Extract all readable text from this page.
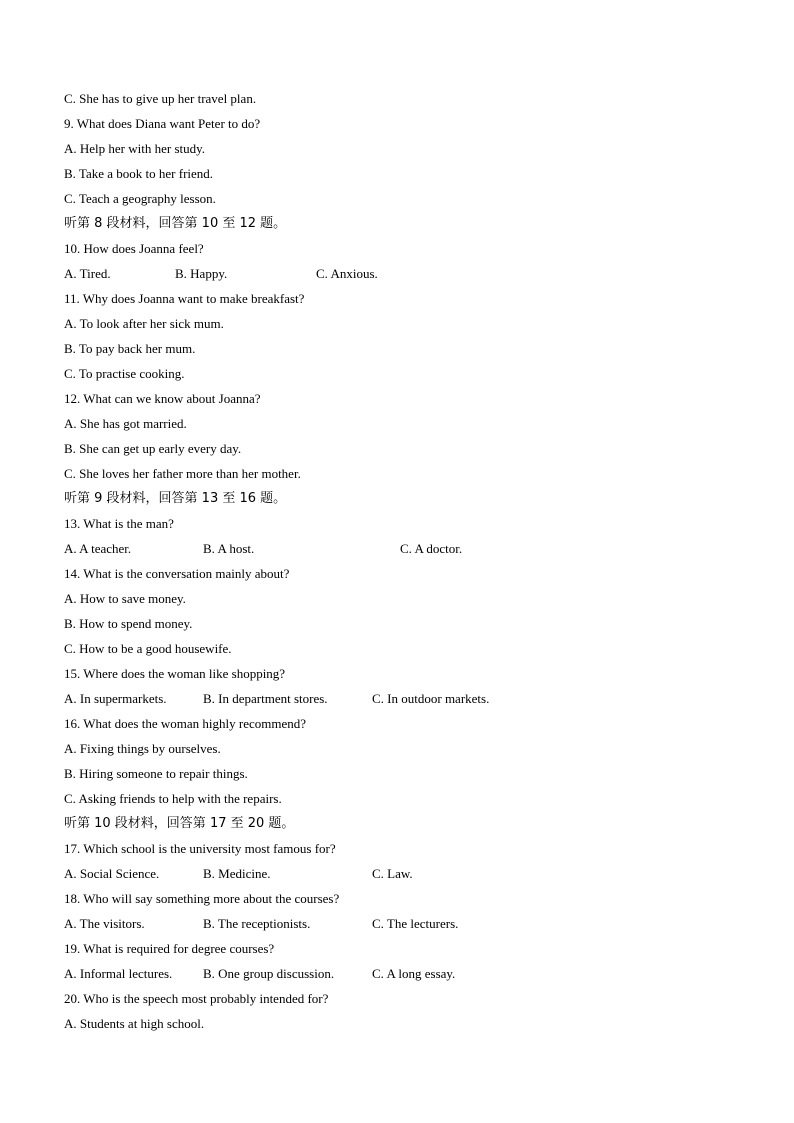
C. She has to give up her travel plan.
9. What does Diana want Peter to do?
A. Help her with her study.
B. Take a book to her friend.
C. Teach a geography lesson.
听第 8 段材料，回答第 10 至 12 题。
10. How does Joanna feel?
A. Tired.	B. Happy.	C. Anxious.
11. Why does Joanna want to make breakfast?
A. To look after her sick mum.
B. To pay back her mum.
C. To practise cooking.
12. What can we know about Joanna?
A. She has got married.
B. She can get up early every day.
C. She loves her father more than her mother.
听第 9 段材料，回答第 13 至 16 题。
13. What is the man?
A. A teacher.	B. A host.	C. A doctor.
14. What is the conversation mainly about?
A. How to save money.
B. How to spend money.
C. How to be a good housewife.
15. Where does the woman like shopping?
A. In supermarkets.	B. In department stores.	C. In outdoor markets.
16. What does the woman highly recommend?
A. Fixing things by ourselves.
B. Hiring someone to repair things.
C. Asking friends to help with the repairs.
听第 10 段材料，回答第 17 至 20 题。
17. Which school is the university most famous for?
A. Social Science.	B. Medicine.	C. Law.
18. Who will say something more about the courses?
A. The visitors.	B. The receptionists.	C. The lecturers.
19. What is required for degree courses?
A. Informal lectures. B. One group discussion.	C. A long essay.
20. Who is the speech most probably intended for?
A. Students at high school.
